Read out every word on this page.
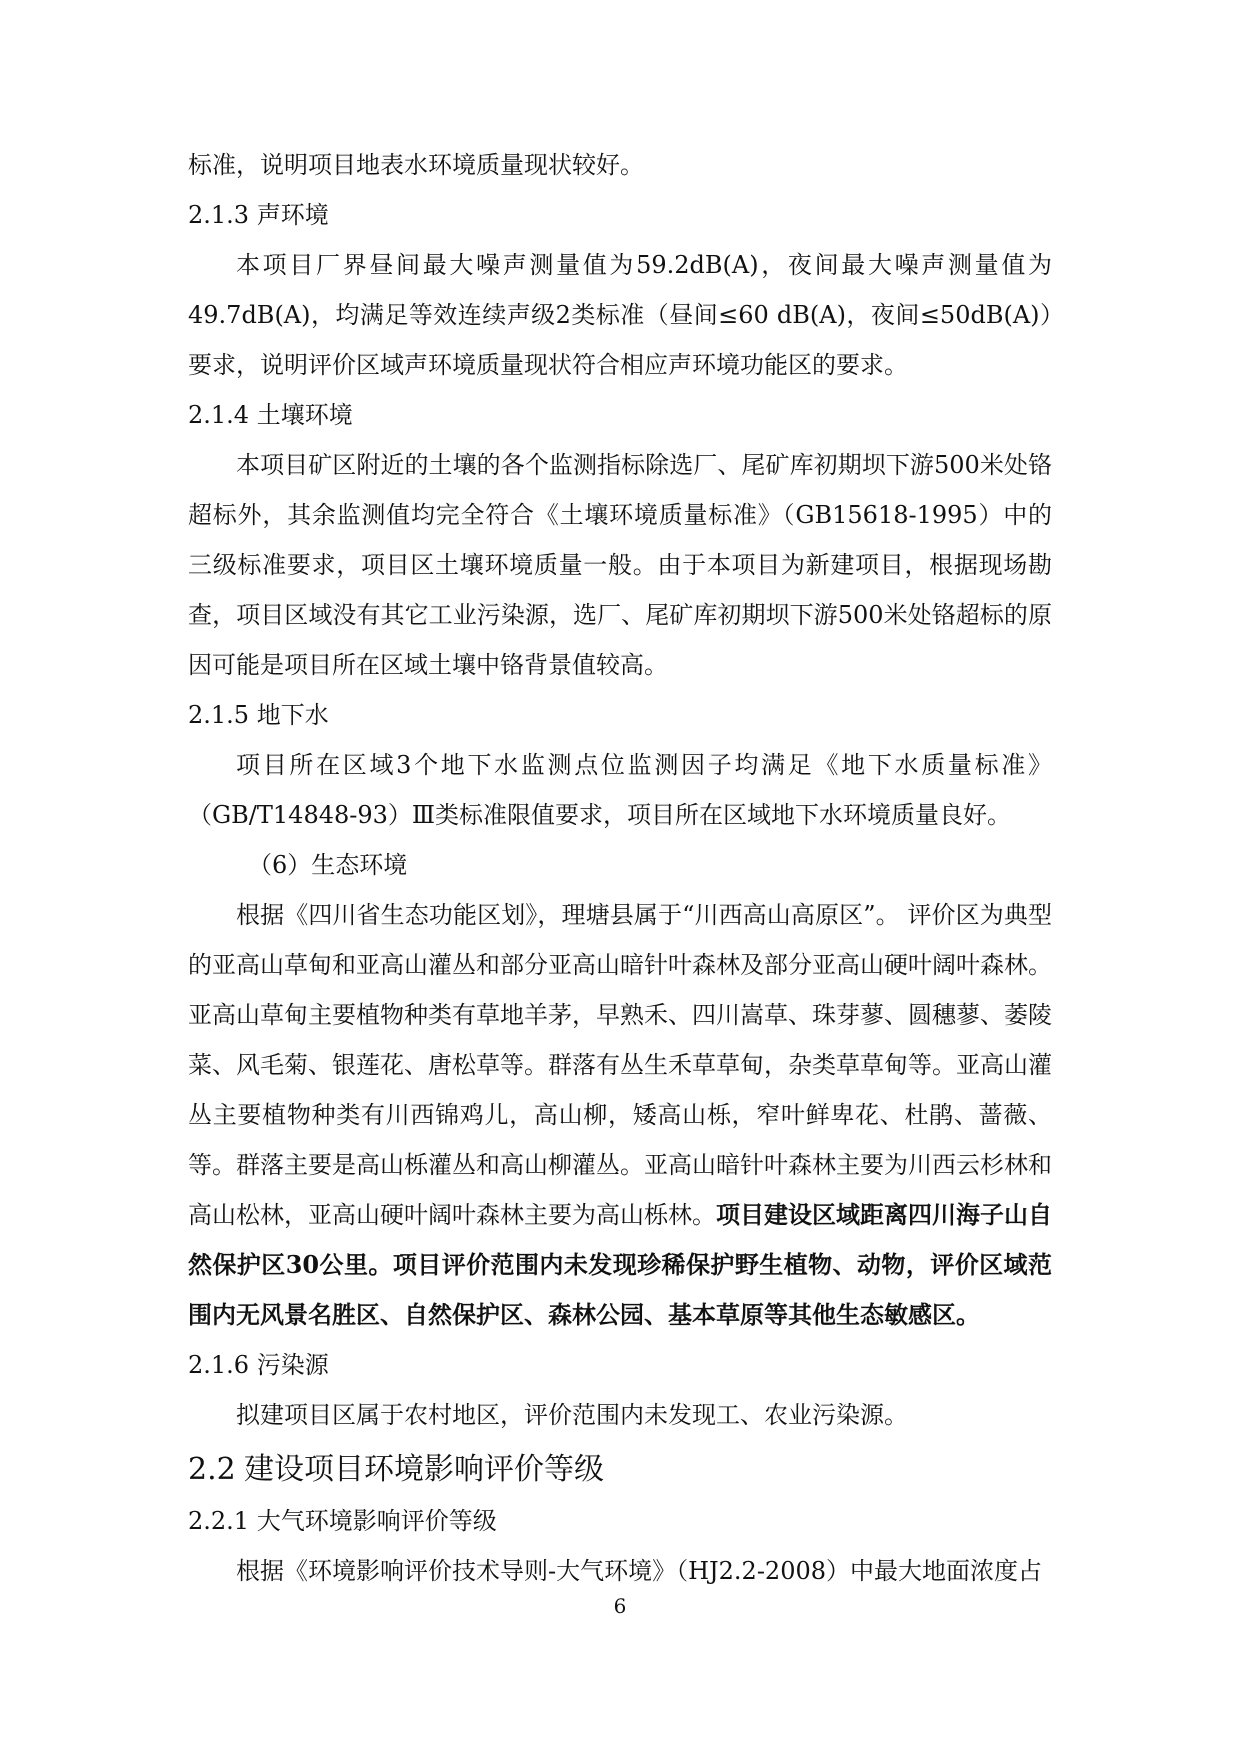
标准，说明项目地表水环境质量现状较好。

2.1.3 声环境

本项目厂界昼间最大噪声测量值为59.2dB(A)，夜间最大噪声测量值为49.7dB(A)，均满足等效连续声级2类标准（昼间≤60 dB(A)，夜间≤50dB(A)）要求，说明评价区域声环境质量现状符合相应声环境功能区的要求。

2.1.4 土壤环境

本项目矿区附近的土壤的各个监测指标除选厂、尾矿库初期坝下游500米处铬超标外，其余监测值均完全符合《土壤环境质量标准》（GB15618-1995）中的三级标准要求，项目区土壤环境质量一般。由于本项目为新建项目，根据现场勘查，项目区域没有其它工业污染源，选厂、尾矿库初期坝下游500米处铬超标的原因可能是项目所在区域土壤中铬背景值较高。

2.1.5 地下水

项目所在区域3个地下水监测点位监测因子均满足《地下水质量标准》（GB/T14848-93）Ⅲ类标准限值要求，项目所在区域地下水环境质量良好。

（6）生态环境

根据《四川省生态功能区划》，理塘县属于“川西高山高原区”。 评价区为典型的亚高山草甸和亚高山灌丛和部分亚高山暗针叶森林及部分亚高山硬叶阔叶森林。亚高山草甸主要植物种类有草地羊茅，早熟禾、四川嵩草、珠芽蓼、圆穗蓼、萎陵菜、风毛菊、银莲花、唐松草等。群落有丛生禾草草甸，杂类草草甸等。亚高山灌丛主要植物种类有川西锦鸡儿，高山柳，矮高山栎，窄叶鲜卑花、杜鹃、蔷薇、等。群落主要是高山栎灌丛和高山柳灌丛。亚高山暗针叶森林主要为川西云杉林和高山松林，亚高山硬叶阔叶森林主要为高山栎林。项目建设区域距离四川海子山自然保护区30公里。项目评价范围内未发现珍稀保护野生植物、动物，评价区域范围内无风景名胜区、自然保护区、森林公园、基本草原等其他生态敏感区。

2.1.6 污染源

拟建项目区属于农村地区，评价范围内未发现工、农业污染源。

2.2 建设项目环境影响评价等级

2.2.1 大气环境影响评价等级

根据《环境影响评价技术导则-大气环境》（HJ2.2-2008）中最大地面浓度占

6
